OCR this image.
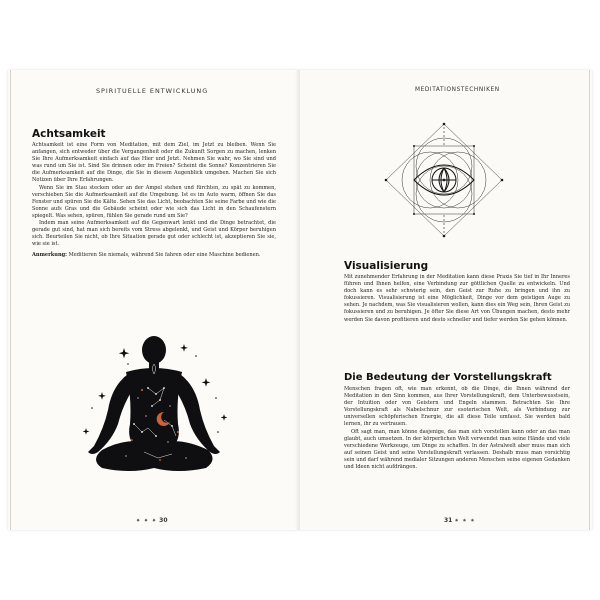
SPIRITUELLE ENTWICKLUNG
Achtsamkeit

Achtsamkeit ist eine Form von Meditation, mit dem Ziel, im Jetzt zu bleiben. Wenn Sie anfangen, sich entweder über die Vergangenheit oder die Zukunft Sorgen zu machen, lenken Sie Ihre Aufmerksamkeit einfach auf das Hier und Jetzt. Nehmen Sie wahr, wo Sie sind und was rund um Sie ist. Sind Sie drinnen oder im Freien? Scheint die Sonne? Konzentrieren Sie die Aufmerksamkeit auf die Dinge, die Sie in diesem Augenblick umgeben. Machen Sie sich Notizen über Ihre Erfahrungen.

Wenn Sie im Stau stecken oder an der Ampel stehen und fürchten, zu spät zu kommen, verschieben Sie die Aufmerksamkeit auf die Umgebung. Ist es im Auto warm, öffnen Sie das Fenster und spüren Sie die Kälte. Sehen Sie das Licht, beobachten Sie seine Farbe und wie die Sonne aufs Gras und die Gebäude scheint oder wie sich das Licht in den Schaufenstern spiegelt. Was sehen, spüren, fühlen Sie gerade rund um Sie?

Indem man seine Aufmerksamkeit auf die Gegenwart lenkt und die Dinge betrachtet, die gerade gut sind, hat man sich bereits vom Stress abgelenkt, und Geist und Körper beruhigen sich. Beurteilen Sie nicht, ob Ihre Situation gerade gut oder schlecht ist, akzeptieren Sie sie, wie sie ist.

Anmerkung: Meditieren Sie niemals, während Sie fahren oder eine Maschine bedienen.

⁕ ⁕ ⁕ 30
MEDITATIONSTECHNIKEN
Visualisierung

Mit zunehmender Erfahrung in der Meditation kann diese Praxis Sie tief in Ihr Inneres führen und Ihnen helfen, eine Verbindung zur göttlichen Quelle zu entwickeln. Und doch kann es sehr schwierig sein, den Geist zur Ruhe zu bringen und ihn zu fokussieren. Visualisierung ist eine Möglichkeit, Dinge vor dem geistigen Auge zu sehen. Je nachdem, was Sie visualisieren wollen, kann dies ein Weg sein, Ihren Geist zu fokussieren und zu beruhigen. Je öfter Sie diese Art von Übungen machen, desto mehr werden Sie davon profitieren und desto schneller und tiefer werden Sie gehen können.

Die Bedeutung der Vorstellungskraft

Menschen fragen oft, wie man erkennt, ob die Dinge, die Ihnen während der Meditation in den Sinn kommen, aus Ihrer Vorstellungskraft, dem Unterbewusstsein, der Intuition oder von Geistern und Engeln stammen. Betrachten Sie Ihre Vorstellungskraft als Nabelschnur zur esoterischen Welt, als Verbindung zur universellen schöpferischen Energie, die all diese Teile umfasst. Sie werden bald lernen, ihr zu vertrauen.

Oft sagt man, man könne dasjenige, das man sich vorstellen kann oder an das man glaubt, auch umsetzen. In der körperlichen Welt verwendet man seine Hände und viele verschiedene Werkzeuge, um Dinge zu schaffen. In der Astralwelt aber muss man sich auf seinen Geist und seine Vorstellungskraft verlassen. Deshalb muss man vorsichtig sein und darf während medialer Sitzungen anderen Menschen seine eigenen Gedanken und Ideen nicht aufdrängen.

31 ⁕ ⁕ ⁕
